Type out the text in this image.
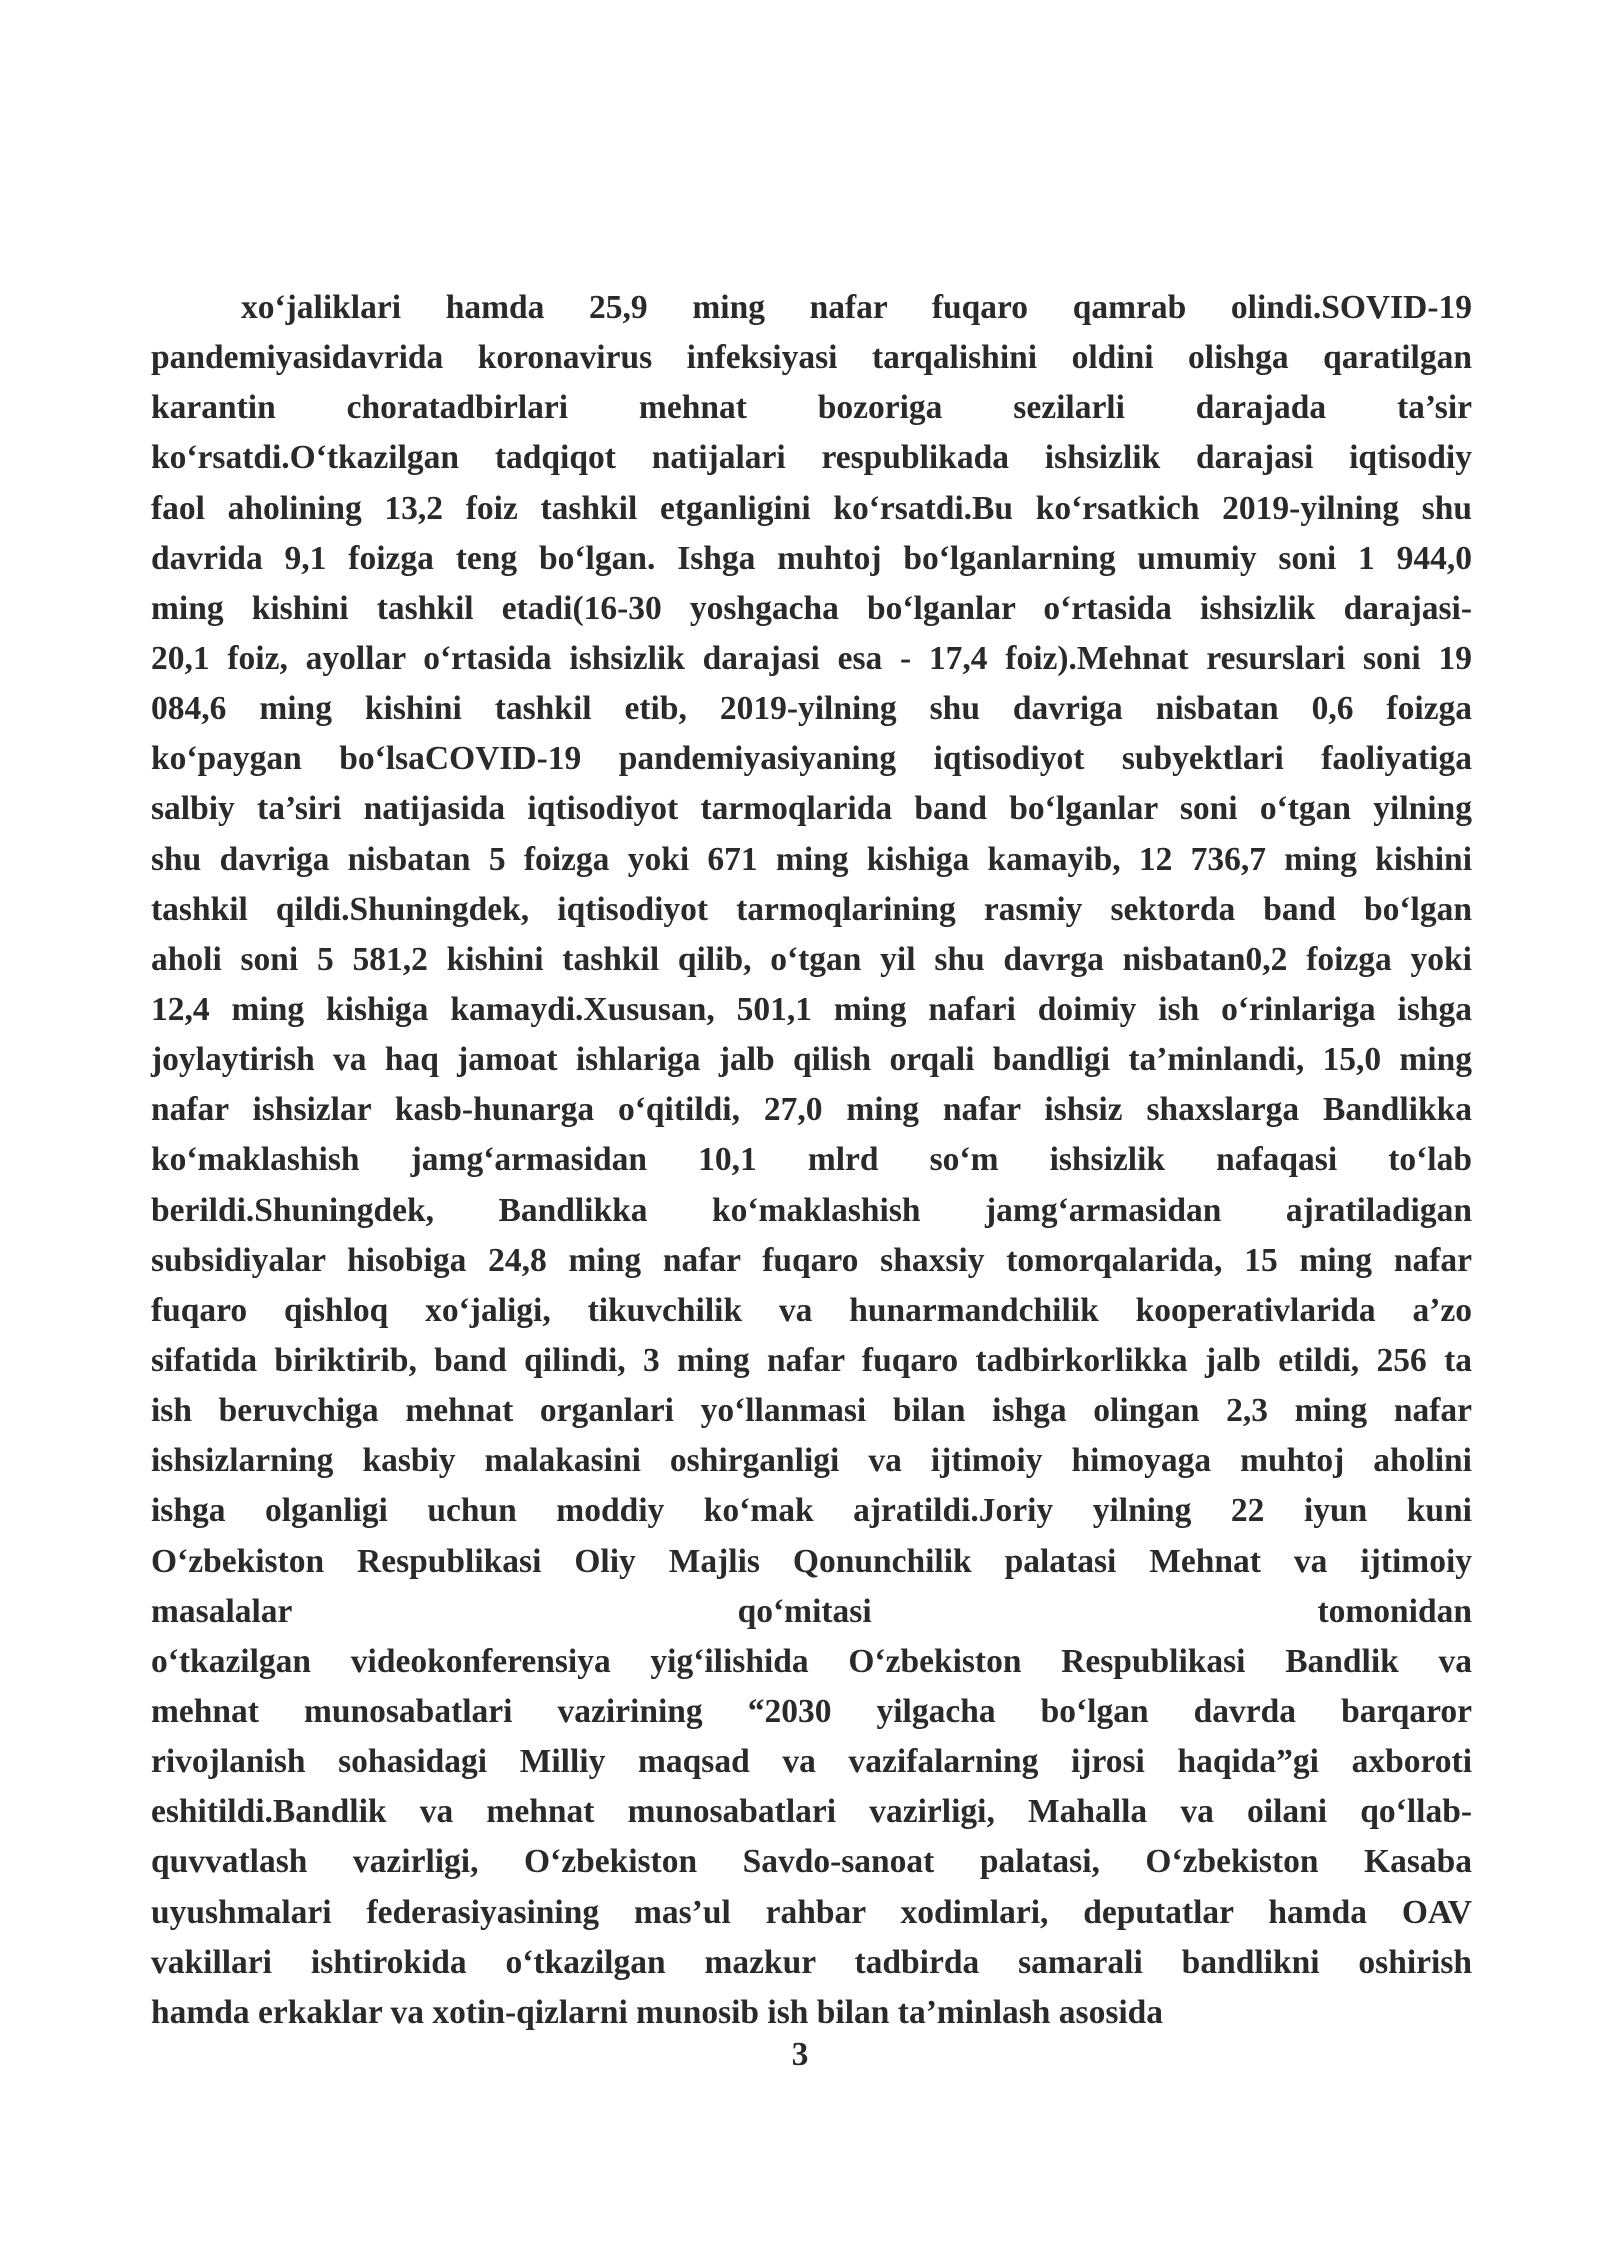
xo‘jaliklari hamda 25,9 ming nafar fuqaro qamrab olindi.SOVID-19
pandemiyasidavrida koronavirus infeksiyasi tarqalishini oldini olishga qaratilgan
karantin choratadbirlari mehnat bozoriga sezilarli darajada ta’sir
ko‘rsatdi.O‘tkazilgan tadqiqot natijalari respublikada ishsizlik darajasi iqtisodiy
faol aholining 13,2 foiz tashkil etganligini ko‘rsatdi.Bu ko‘rsatkich 2019-yilning shu
davrida 9,1 foizga teng bo‘lgan. Ishga muhtoj bo‘lganlarning umumiy soni 1 944,0
ming kishini tashkil etadi(16-30 yoshgacha bo‘lganlar o‘rtasida ishsizlik darajasi-
20,1 foiz, ayollar o‘rtasida ishsizlik darajasi esa - 17,4 foiz).Mehnat resurslari soni 19
084,6 ming kishini tashkil etib, 2019-yilning shu davriga nisbatan 0,6 foizga
ko‘paygan bo‘lsaCOVID-19 pandemiyasiyaning iqtisodiyot subyektlari faoliyatiga
salbiy ta’siri natijasida iqtisodiyot tarmoqlarida band bo‘lganlar soni o‘tgan yilning
shu davriga nisbatan 5 foizga yoki 671 ming kishiga kamayib, 12 736,7 ming kishini
tashkil qildi.Shuningdek, iqtisodiyot tarmoqlarining rasmiy sektorda band bo‘lgan
aholi soni 5 581,2 kishini tashkil qilib, o‘tgan yil shu davrga nisbatan0,2 foizga yoki
12,4 ming kishiga kamaydi.Xususan, 501,1 ming nafari doimiy ish o‘rinlariga ishga
joylaytirish va haq jamoat ishlariga jalb qilish orqali bandligi ta’minlandi, 15,0 ming
nafar ishsizlar kasb-hunarga o‘qitildi, 27,0 ming nafar ishsiz shaxslarga Bandlikka
ko‘maklashish jamg‘armasidan 10,1 mlrd so‘m ishsizlik nafaqasi to‘lab
berildi.Shuningdek, Bandlikka ko‘maklashish jamg‘armasidan ajratiladigan
subsidiyalar hisobiga 24,8 ming nafar fuqaro shaxsiy tomorqalarida, 15 ming nafar
fuqaro qishloq xo‘jaligi, tikuvchilik va hunarmandchilik kooperativlarida a’zo
sifatida biriktirib, band qilindi, 3 ming nafar fuqaro tadbirkorlikka jalb etildi, 256 ta
ish beruvchiga mehnat organlari yo‘llanmasi bilan ishga olingan 2,3 ming nafar
ishsizlarning kasbiy malakasini oshirganligi va ijtimoiy himoyaga muhtoj aholini
ishga olganligi uchun moddiy ko‘mak ajratildi.Joriy yilning 22 iyun kuni
O‘zbekiston Respublikasi Oliy Majlis Qonunchilik palatasi Mehnat va ijtimoiy
masalalar qo‘mitasi tomonidan
o‘tkazilgan videokonferensiya yig‘ilishida O‘zbekiston Respublikasi Bandlik va
mehnat munosabatlari vazirining “2030 yilgacha bo‘lgan davrda barqaror
rivojlanish sohasidagi Milliy maqsad va vazifalarning ijrosi haqida”gi axboroti
eshitildi.Bandlik va mehnat munosabatlari vazirligi, Mahalla va oilani qo‘llab-
quvvatlash vazirligi, O‘zbekiston Savdo-sanoat palatasi, O‘zbekiston Kasaba
uyushmalari federasiyasining mas’ul rahbar xodimlari, deputatlar hamda OAV
vakillari ishtirokida o‘tkazilgan mazkur tadbirda samarali bandlikni oshirish
hamda erkaklar va xotin-qizlarni munosib ish bilan ta’minlash asosida

3
